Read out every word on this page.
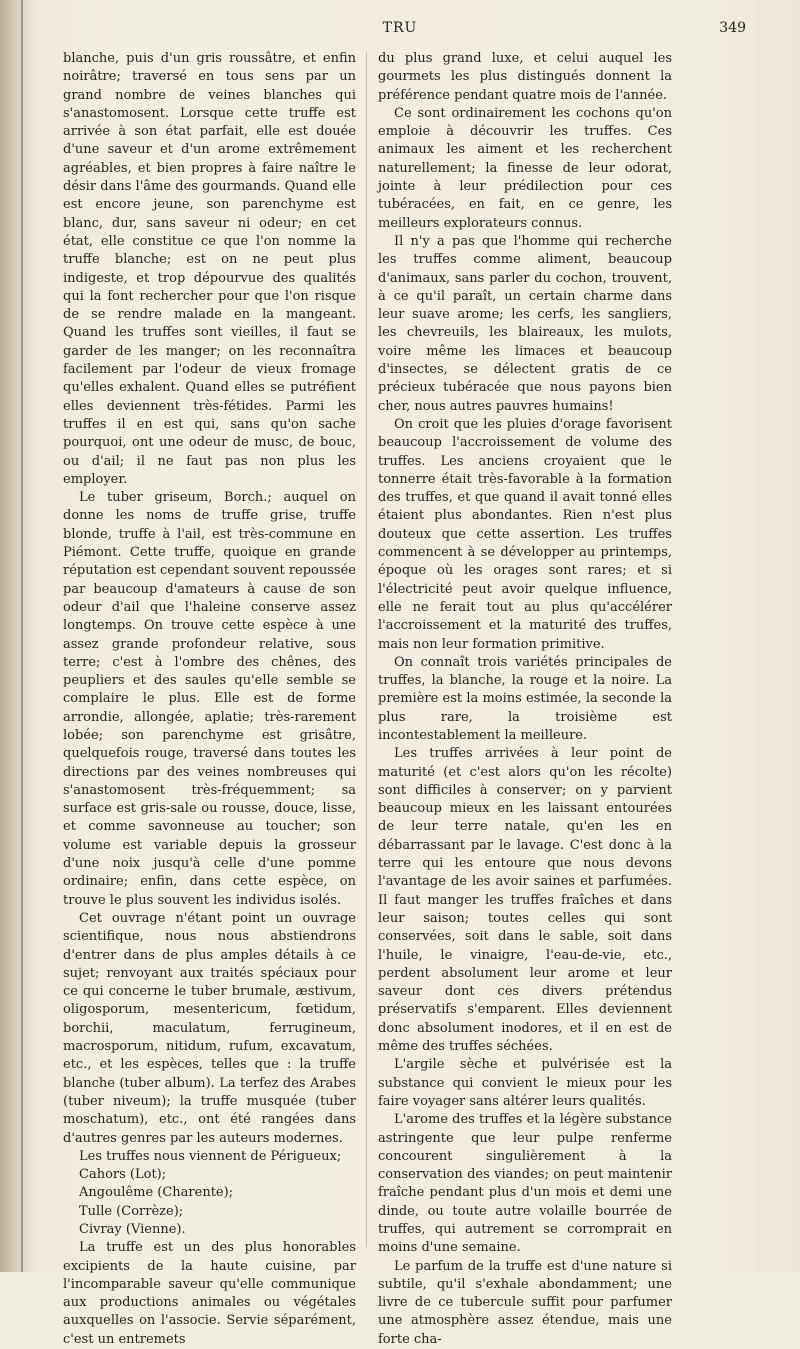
TRU	349

blanche, puis d'un gris roussâtre, et enfin noirâtre; traversé en tous sens par un grand nombre de veines blanches qui s'anastomosent. Lorsque cette truffe est arrivée à son état parfait, elle est douée d'une saveur et d'un arome extrêmement agréables, et bien propres à faire naître le désir dans l'âme des gourmands. Quand elle est encore jeune, son parenchyme est blanc, dur, sans saveur ni odeur; en cet état, elle constitue ce que l'on nomme la truffe blanche; est on ne peut plus indigeste, et trop dépourvue des qualités qui la font rechercher pour que l'on risque de se rendre malade en la mangeant. Quand les truffes sont vieilles, il faut se garder de les manger; on les reconnaîtra facilement par l'odeur de vieux fromage qu'elles exhalent. Quand elles se putréfient elles deviennent très-fétides. Parmi les truffes il en est qui, sans qu'on sache pourquoi, ont une odeur de musc, de bouc, ou d'ail; il ne faut pas non plus les employer.

Le tuber griseum, Borch.; auquel on donne les noms de truffe grise, truffe blonde, truffe à l'ail, est très-commune en Piémont. Cette truffe, quoique en grande réputation est cependant souvent repoussée par beaucoup d'amateurs à cause de son odeur d'ail que l'haleine conserve assez longtemps. On trouve cette espèce à une assez grande profondeur relative, sous terre; c'est à l'ombre des chênes, des peupliers et des saules qu'elle semble se complaire le plus. Elle est de forme arrondie, allongée, aplatie; très-rarement lobée; son parenchyme est grisâtre, quelquefois rouge, traversé dans toutes les directions par des veines nombreuses qui s'anastomosent très-fréquemment; sa surface est gris-sale ou rousse, douce, lisse, et comme savonneuse au toucher; son volume est variable depuis la grosseur d'une noix jusqu'à celle d'une pomme ordinaire; enfin, dans cette espèce, on trouve le plus souvent les individus isolés.

Cet ouvrage n'étant point un ouvrage scientifique, nous nous abstiendrons d'entrer dans de plus amples détails à ce sujet; renvoyant aux traités spéciaux pour ce qui concerne le tuber brumale, æstivum, oligosporum, mesentericum, fœtidum, borchii, maculatum, ferrugineum, macrosporum, nitidum, rufum, excavatum, etc., et les espèces, telles que : la truffe blanche (tuber album). La terfez des Arabes (tuber niveum); la truffe musquée (tuber moschatum), etc., ont été rangées dans d'autres genres par les auteurs modernes.

Les truffes nous viennent de Périgueux;

Cahors (Lot);

Angoulême (Charente);

Tulle (Corrèze);

Civray (Vienne).

La truffe est un des plus honorables excipients de la haute cuisine, par l'incomparable saveur qu'elle communique aux productions animales ou végétales auxquelles on l'associe. Servie séparément, c'est un entremets

du plus grand luxe, et celui auquel les gourmets les plus distingués donnent la préférence pendant quatre mois de l'année.

Ce sont ordinairement les cochons qu'on emploie à découvrir les truffes. Ces animaux les aiment et les recherchent naturellement; la finesse de leur odorat, jointe à leur prédilection pour ces tubéracées, en fait, en ce genre, les meilleurs explorateurs connus.

Il n'y a pas que l'homme qui recherche les truffes comme aliment, beaucoup d'animaux, sans parler du cochon, trouvent, à ce qu'il paraît, un certain charme dans leur suave arome; les cerfs, les sangliers, les chevreuils, les blaireaux, les mulots, voire même les limaces et beaucoup d'insectes, se délectent gratis de ce précieux tubéracée que nous payons bien cher, nous autres pauvres humains!

On croit que les pluies d'orage favorisent beaucoup l'accroissement de volume des truffes. Les anciens croyaient que le tonnerre était très-favorable à la formation des truffes, et que quand il avait tonné elles étaient plus abondantes. Rien n'est plus douteux que cette assertion. Les truffes commencent à se développer au printemps, époque où les orages sont rares; et si l'électricité peut avoir quelque influence, elle ne ferait tout au plus qu'accélérer l'accroissement et la maturité des truffes, mais non leur formation primitive.

On connaît trois variétés principales de truffes, la blanche, la rouge et la noire. La première est la moins estimée, la seconde la plus rare, la troisième est incontestablement la meilleure.

Les truffes arrivées à leur point de maturité (et c'est alors qu'on les récolte) sont difficiles à conserver; on y parvient beaucoup mieux en les laissant entourées de leur terre natale, qu'en les en débarrassant par le lavage. C'est donc à la terre qui les entoure que nous devons l'avantage de les avoir saines et parfumées. Il faut manger les truffes fraîches et dans leur saison; toutes celles qui sont conservées, soit dans le sable, soit dans l'huile, le vinaigre, l'eau-de-vie, etc., perdent absolument leur arome et leur saveur dont ces divers prétendus préservatifs s'emparent. Elles deviennent donc absolument inodores, et il en est de même des truffes séchées.

L'argile sèche et pulvérisée est la substance qui convient le mieux pour les faire voyager sans altérer leurs qualités.

L'arome des truffes et la légère substance astringente que leur pulpe renferme concourent singulièrement à la conservation des viandes; on peut maintenir fraîche pendant plus d'un mois et demi une dinde, ou toute autre volaille bourrée de truffes, qui autrement se corromprait en moins d'une semaine.

Le parfum de la truffe est d'une nature si subtile, qu'il s'exhale abondamment; une livre de ce tubercule suffit pour parfumer une atmosphère assez étendue, mais une forte cha-
